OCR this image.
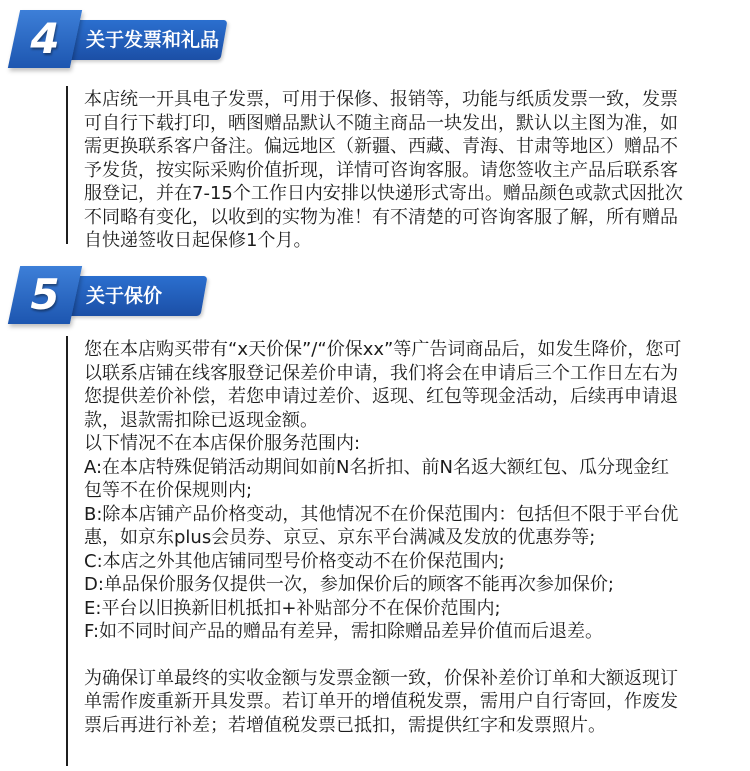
4	关于发票和礼品

本店统一开具电子发票，可用于保修、报销等，功能与纸质发票一致，发票可自行下载打印，晒图赠品默认不随主商品一块发出，默认以主图为准，如需更换联系客户备注。偏远地区（新疆、西藏、青海、甘肃等地区）赠品不予发货，按实际采购价值折现，详情可咨询客服。请您签收主产品后联系客服登记，并在7-15个工作日内安排以快递形式寄出。赠品颜色或款式因批次不同略有变化，以收到的实物为准！有不清楚的可咨询客服了解，所有赠品自快递签收日起保修1个月。

5	关于保价

您在本店购买带有“x天价保”/“价保xx”等广告词商品后，如发生降价，您可以联系店铺在线客服登记保差价申请，我们将会在申请后三个工作日左右为您提供差价补偿，若您申请过差价、返现、红包等现金活动，后续再申请退款，退款需扣除已返现金额。

以下情况不在本店保价服务范围内:

A:在本店特殊促销活动期间如前N名折扣、前N名返大额红包、瓜分现金红包等不在价保规则内;

B:除本店铺产品价格变动，其他情况不在价保范围内：包括但不限于平台优惠，如京东plus会员券、京豆、京东平台满减及发放的优惠券等;

C:本店之外其他店铺同型号价格变动不在价保范围内;

D:单品保价服务仅提供一次，参加保价后的顾客不能再次参加保价;

E:平台以旧换新旧机抵扣+补贴部分不在保价范围内;

F:如不同时间产品的赠品有差异，需扣除赠品差异价值而后退差。

为确保订单最终的实收金额与发票金额一致，价保补差价订单和大额返现订单需作废重新开具发票。若订单开的增值税发票，需用户自行寄回，作废发票后再进行补差；若增值税发票已抵扣，需提供红字和发票照片。
